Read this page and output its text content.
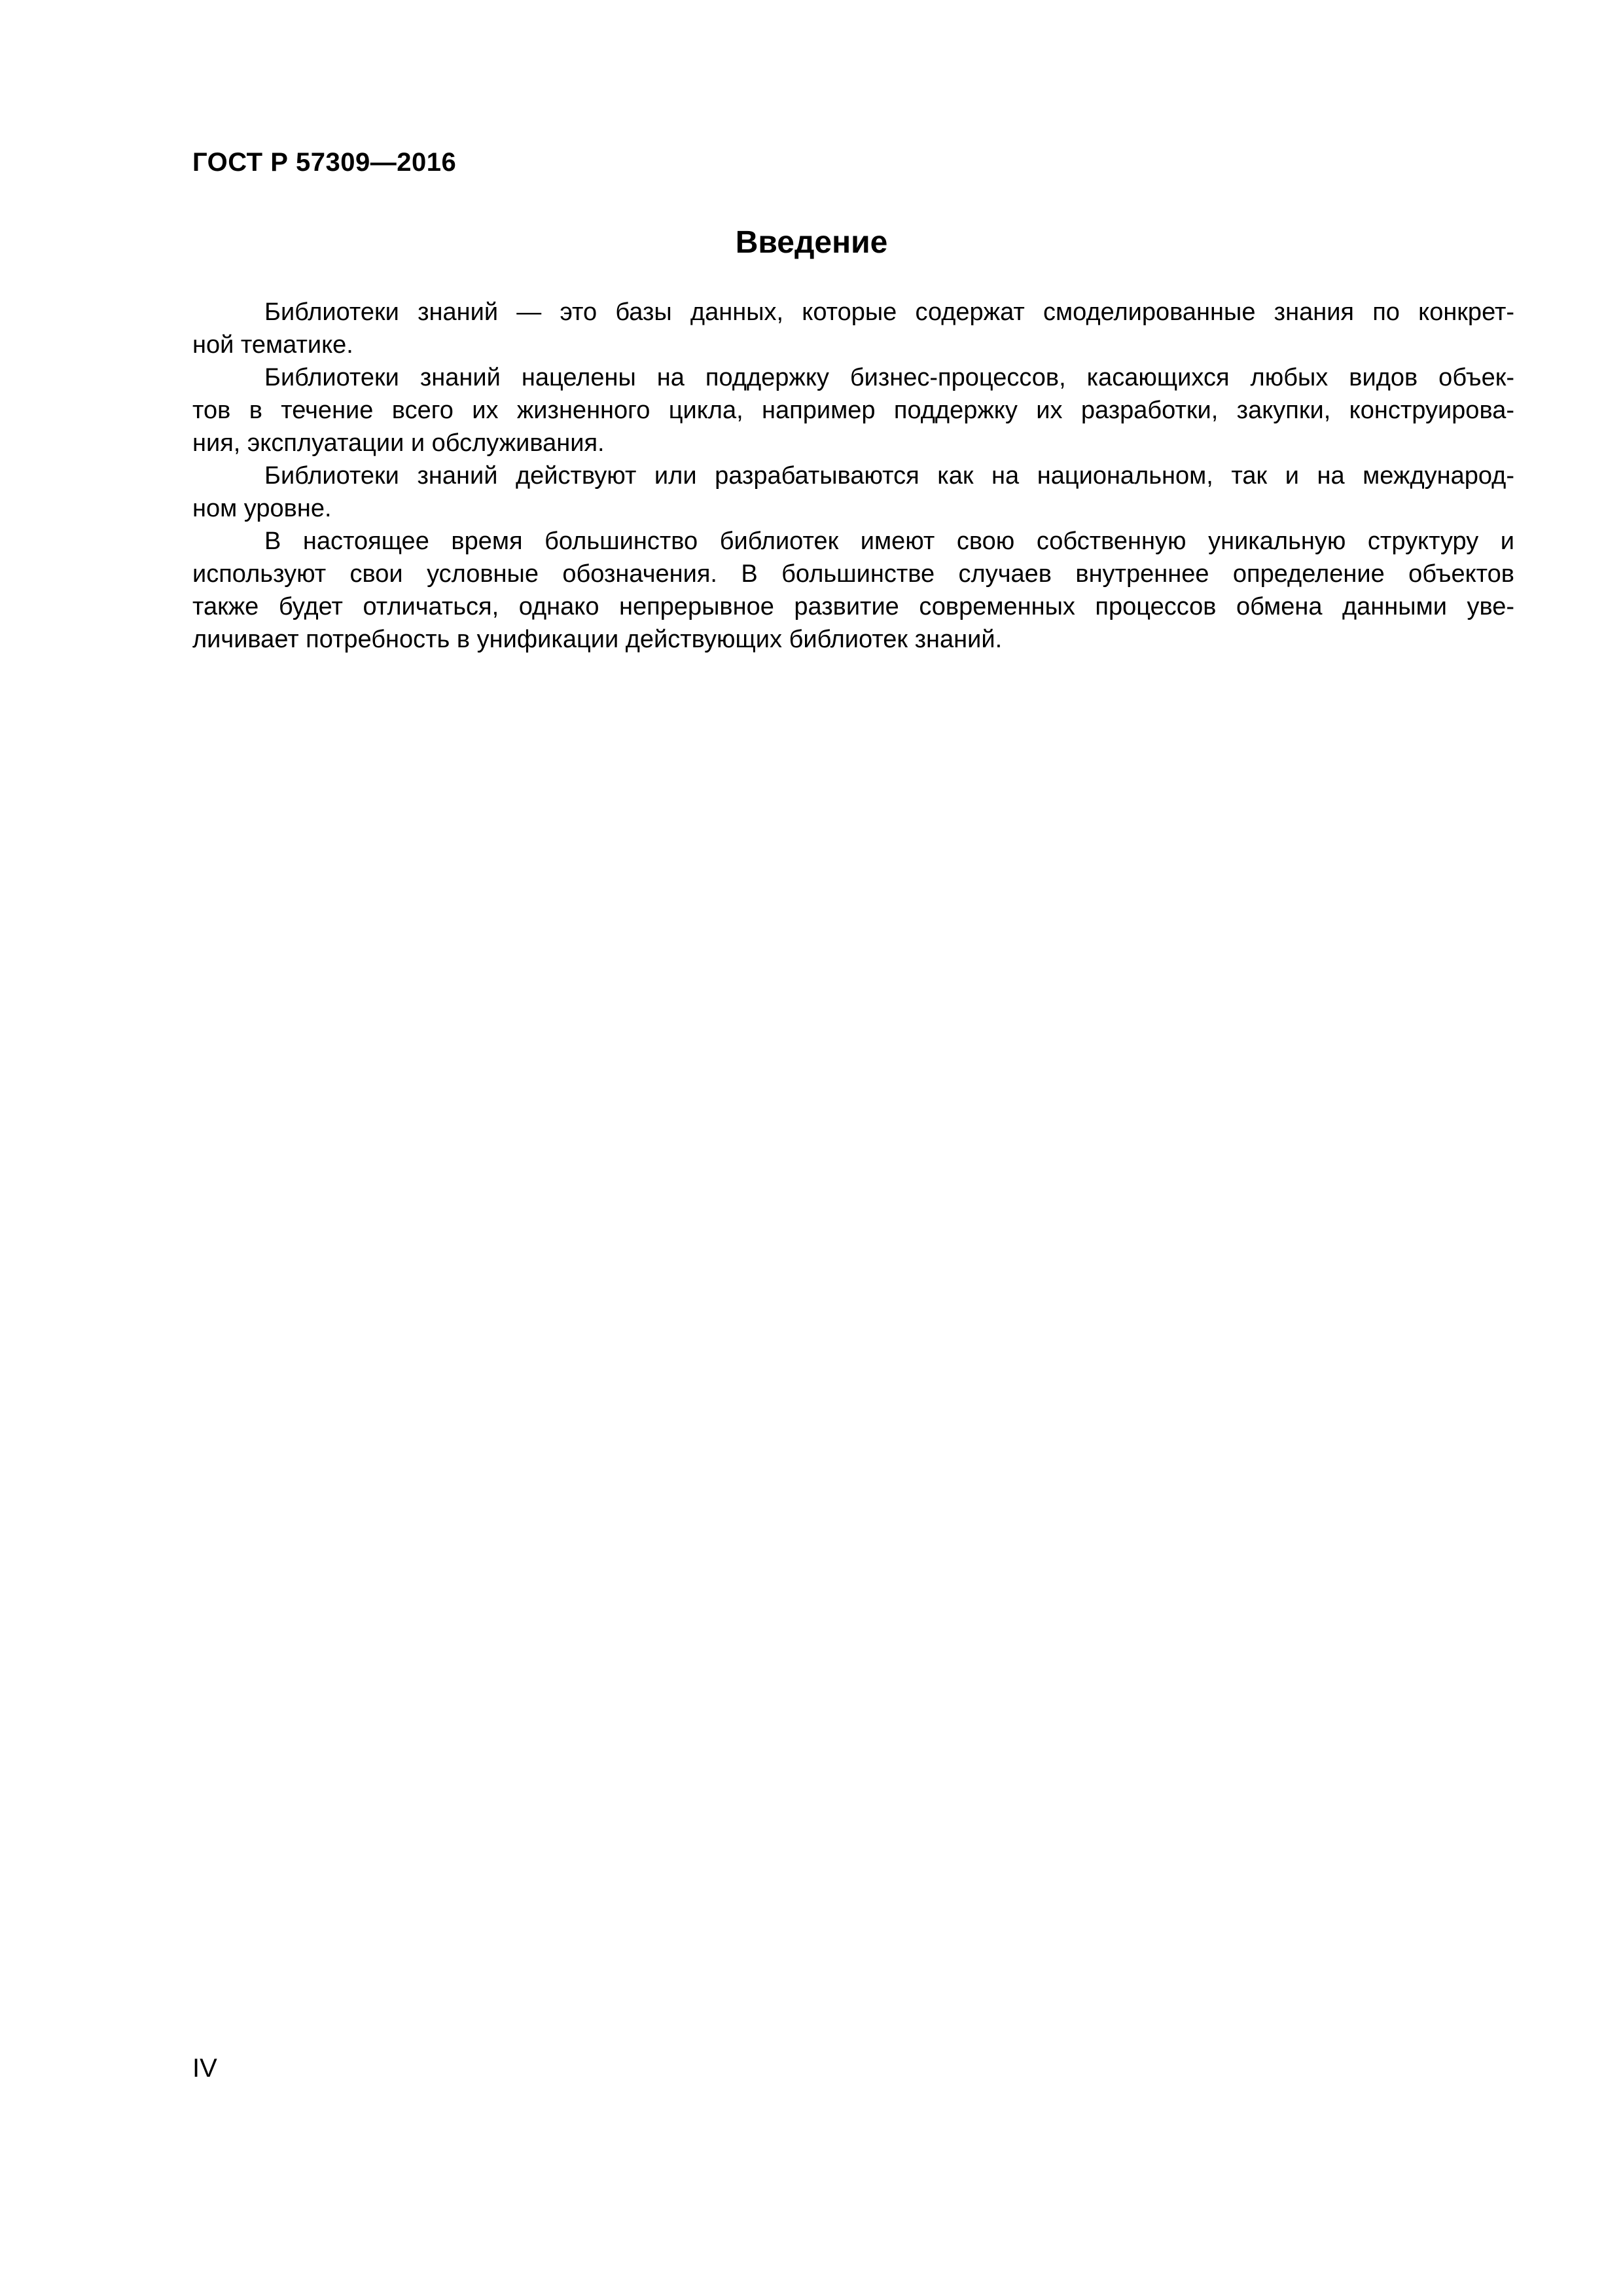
ГОСТ Р 57309—2016
Введение

Библиотеки знаний — это базы данных, которые содержат смоделированные знания по конкрет-
ной тематике.

Библиотеки знаний нацелены на поддержку бизнес-процессов, касающихся любых видов объек-
тов в течение всего их жизненного цикла, например поддержку их разработки, закупки, конструирова-
ния, эксплуатации и обслуживания.

Библиотеки знаний действуют или разрабатываются как на национальном, так и на международ-
ном уровне.

В настоящее время большинство библиотек имеют свою собственную уникальную структуру и
используют свои условные обозначения. В большинстве случаев внутреннее определение объектов
также будет отличаться, однако непрерывное развитие современных процессов обмена данными уве-
личивает потребность в унификации действующих библиотек знаний.

IV
